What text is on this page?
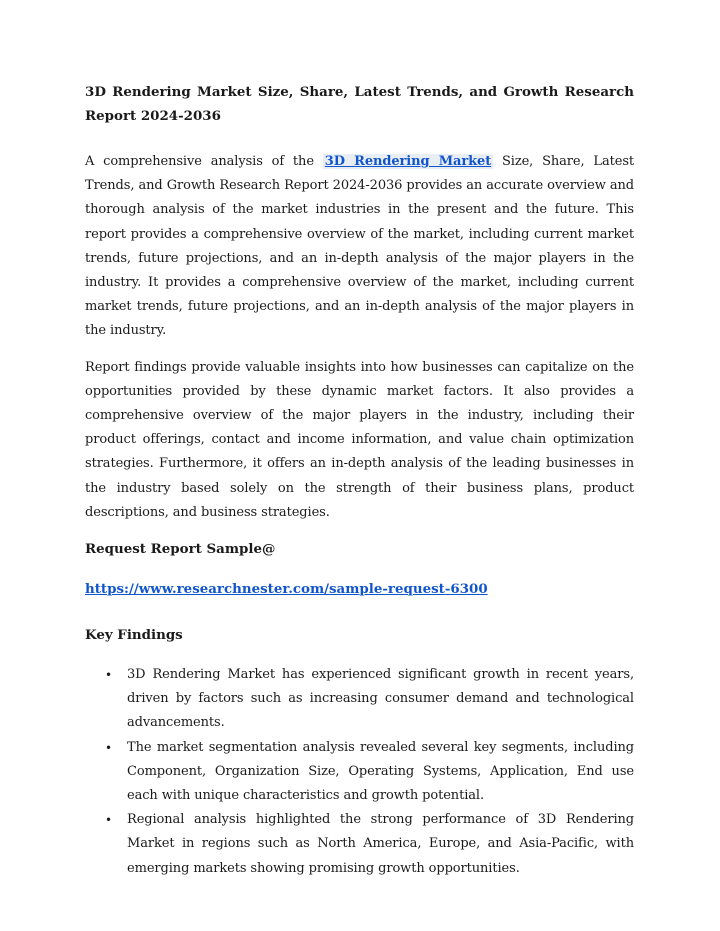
3D Rendering Market Size, Share, Latest Trends, and Growth Research Report 2024-2036

A comprehensive analysis of the 3D Rendering Market Size, Share, Latest Trends, and Growth Research Report 2024-2036 provides an accurate overview and thorough analysis of the market industries in the present and the future. This report provides a comprehensive overview of the market, including current market trends, future projections, and an in-depth analysis of the major players in the industry. It provides a comprehensive overview of the market, including current market trends, future projections, and an in-depth analysis of the major players in the industry.

Report findings provide valuable insights into how businesses can capitalize on the opportunities provided by these dynamic market factors. It also provides a comprehensive overview of the major players in the industry, including their product offerings, contact and income information, and value chain optimization strategies. Furthermore, it offers an in-depth analysis of the leading businesses in the industry based solely on the strength of their business plans, product descriptions, and business strategies.

Request Report Sample@
https://www.researchnester.com/sample-request-6300
Key Findings
• 3D Rendering Market has experienced significant growth in recent years, driven by factors such as increasing consumer demand and technological advancements.
• The market segmentation analysis revealed several key segments, including Component, Organization Size, Operating Systems, Application, End use each with unique characteristics and growth potential.
• Regional analysis highlighted the strong performance of 3D Rendering Market in regions such as North America, Europe, and Asia-Pacific, with emerging markets showing promising growth opportunities.
